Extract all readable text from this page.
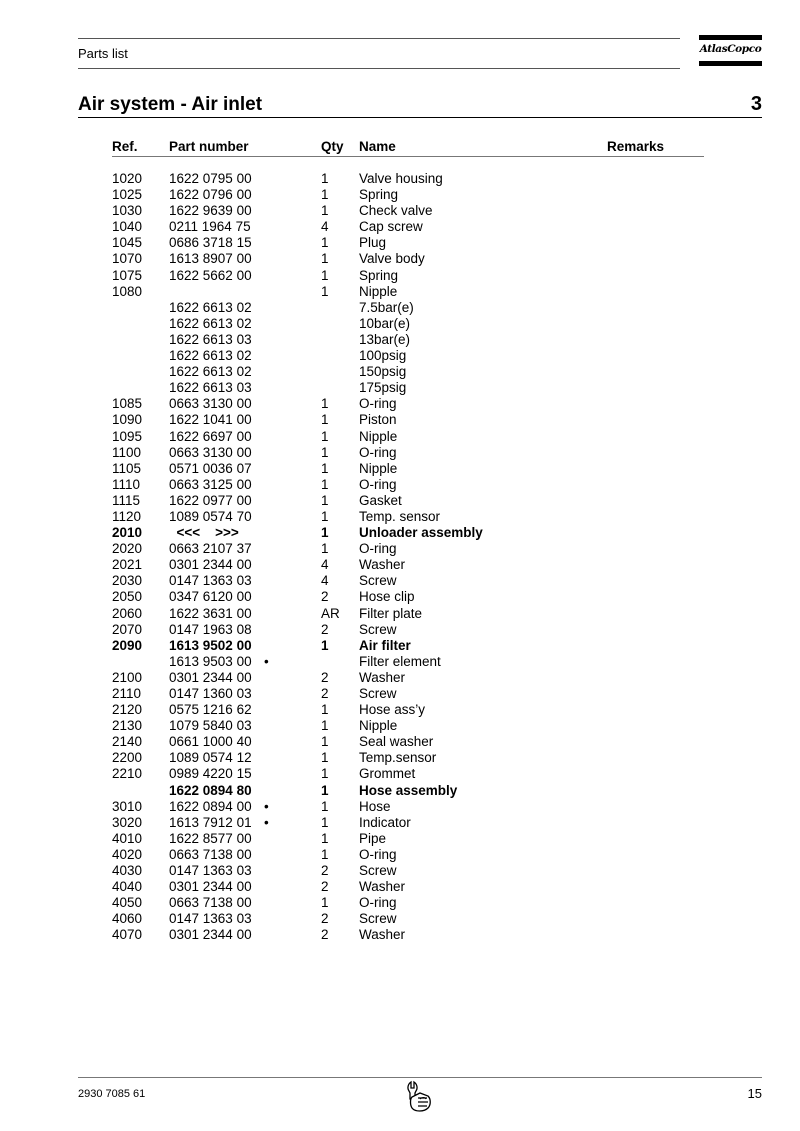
Parts list	AtlasCopco
Air system - Air inlet	3
Ref. Part number	Qty Name	Remarks
1020 1622 0795 00	1 Valve housing
1025 1622 0796 00	1 Spring
1030 1622 9639 00	1 Check valve
1040 0211 1964 75	4 Cap screw
1045 0686 3718 15	1 Plug
1070 1613 8907 00	1 Valve body
1075 1622 5662 00	1 Spring
1080	1 Nipple
1622 6613 02	7.5bar(e)
1622 6613 02	10bar(e)
1622 6613 03	13bar(e)
1622 6613 02	100psig
1622 6613 02	150psig
1622 6613 03	175psig
1085 0663 3130 00	1 O-ring
1090 1622 1041 00	1 Piston
1095 1622 6697 00	1 Nipple
1100 0663 3130 00	1 O-ring
1105 0571 0036 07	1 Nipple
1110 0663 3125 00	1 O-ring
1115 1622 0977 00	1 Gasket
1120 1089 0574 70	1 Temp. sensor
2010 <<<    >>>	1 Unloader assembly
2020 0663 2107 37	1 O-ring
2021 0301 2344 00	4 Washer
2030 0147 1363 03	4 Screw
2050 0347 6120 00	2 Hose clip
2060 1622 3631 00	AR Filter plate
2070 0147 1963 08	2 Screw
2090 1613 9502 00	1 Air filter
1613 9503 00 •	Filter element
2100 0301 2344 00	2 Washer
2110 0147 1360 03	2 Screw
2120 0575 1216 62	1 Hose ass’y
2130 1079 5840 03	1 Nipple
2140 0661 1000 40	1 Seal washer
2200 1089 0574 12	1 Temp.sensor
2210 0989 4220 15	1 Grommet
1622 0894 80	1 Hose assembly
3010 1622 0894 00 •	1 Hose
3020 1613 7912 01 •	1 Indicator
4010 1622 8577 00	1 Pipe
4020 0663 7138 00	1 O-ring
4030 0147 1363 03	2 Screw
4040 0301 2344 00	2 Washer
4050 0663 7138 00	1 O-ring
4060 0147 1363 03	2 Screw
4070 0301 2344 00	2 Washer
2930 7085 61	15
